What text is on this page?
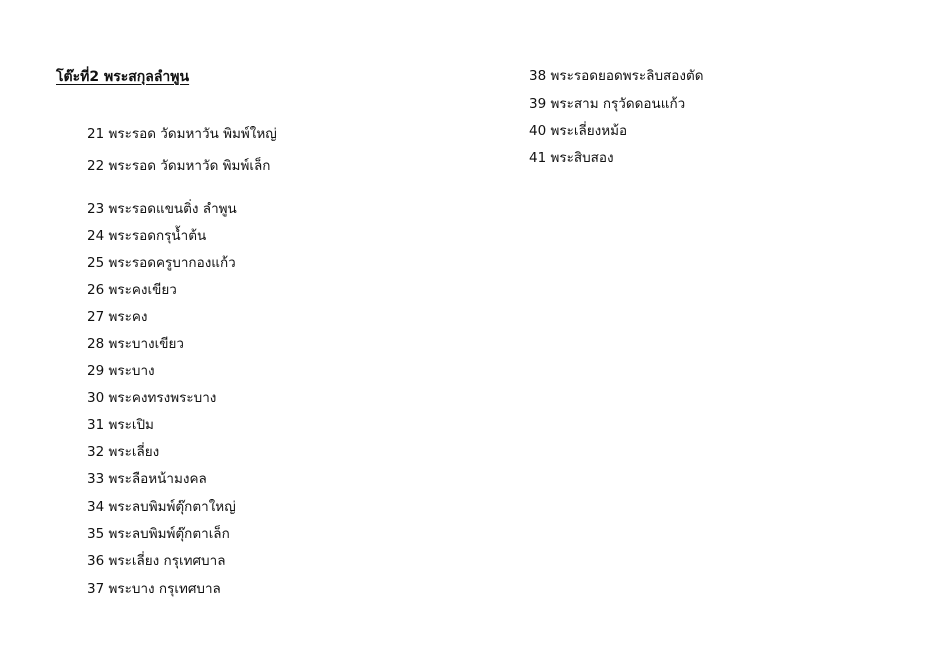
โต๊ะที่2 พระสกุลลำพูน
21 พระรอด วัดมหาวัน พิมพ์ใหญ่
22 พระรอด วัดมหาวัด พิมพ์เล็ก
23 พระรอดแขนติ่ง ลำพูน
24 พระรอดกรุน้ำต้น
25 พระรอดครูบากองแก้ว
26 พระคงเขียว
27 พระคง
28 พระบางเขียว
29 พระบาง
30 พระคงทรงพระบาง
31 พระเปิม
32 พระเลี่ยง
33 พระลือหน้ามงคล
34 พระลบพิมพ์ตุ๊กตาใหญ่
35 พระลบพิมพ์ตุ๊กตาเล็ก
36 พระเลี่ยง กรุเทศบาล
37 พระบาง กรุเทศบาล
38 พระรอดยอดพระลิบสองตัด
39 พระสาม กรุวัดดอนแก้ว
40 พระเลี่ยงหม้อ
41 พระสิบสอง
